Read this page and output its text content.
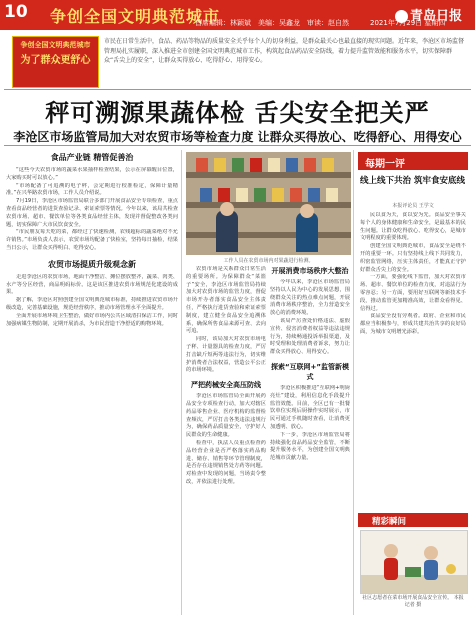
10 争创全国文明典范城市	青岛日报
首席编辑：林颖斌　美编：吴鑫龙　审读：赵自然　　　2021年7月29日 星期四
争创全国文明典范城市
为了群众更舒心
市民在日常生活中，食品、药品等物品的质量安全关乎每个人的切身利益，是群众最关心也最直接的现实问题。近年来，李沧区市场监督管理局扎实履职，深入推进全市创建全国文明典范城市工作，构筑起食品药品安全防线，着力提升监管效能和服务水平，切实保障群众“舌尖上的安全”，让群众买得放心、吃得舒心、用得安心。
秤可溯源果蔬体检 舌尖安全把关严
李沧区市场监管局加大对农贸市场等检查力度 让群众买得放心、吃得舒心、用得安心
食品产业链 精管促善治
“这些今天农贸市场的蔬菜水果抽样检查结果，公示在屏幕醒目位置，大家购买时可以放心。”
“市场配备了可追溯的电子秤，会定期进行校准检定，保障计量精准。”在兴华路农贸市场，工作人员介绍说。
7月19日，李沧区市场监管局联合多部门开展食品安全专项检查，重点查看食品经营者的进货查验记录、索证索票等情况。今年以来，该局共检查农贸市场、超市、餐饮单位等各类食品经营主体，发现并督促整改各类问题，切实保障广大市民饮食安全。
“市民朋友每天吃的菜，都经过了快速检测，农残超标的蔬菜绝对不允许销售。”市场负责人表示，农贸市场均配备了快检室，坚持每日抽检，结果当日公示，让群众买得明白、吃得安心。
农贸市场提质升级观念新
走进李沧区的农贸市场，地面干净整洁、摊位摆放整齐，蔬菜、肉类、水产等分区经营，商品明码标价。这是该区推进农贸市场规范化建设的成果。
据了解，李沧区对照创建全国文明典范城市标准，持续推进农贸市场升级改造，完善基础设施，规范经营秩序，推动市场管理水平全面提升。
全面开展市场环境卫生整治，做好市场内公共区域清扫保洁工作，同时加强病媒生物防制，定期开展消杀，为市民营造干净舒适的购物环境。
工作人员在农贸市场内对果蔬进行检测。
农贸市场是关系群众日常生活的重要场所。为保障群众“菜篮子”安全，李沧区市场监管局持续加大对农贸市场的监管力度，督促市场开办者落实食品安全主体责任，严格执行进货查验和索证索票制度，建立健全食品安全追溯体系，确保所售食品来源可查、去向可追。
同时，该局加大对农贸市场电子秤、计量器具的检查力度，严厉打击缺斤短两等违法行为，切实维护消费者合法权益，营造公平公正的市场环境。
严把药械安全高压防线
李沧区市场监管局全面开展药品安全专项检查行动，加大对辖区药品零售企业、医疗机构的监督检查频次，严厉打击各类违法违规行为，确保药品质量安全，守护好人民群众的生命健康。
检查中，执法人员重点检查药品经营企业是否严格落实药品购进、储存、销售等环节管理制度，是否存在违规销售处方药等问题。对检查中发现的问题，当场责令整改，并依法进行处理。
开展消费市场秩序大整治
今年以来，李沧区市场监管局坚持以人民为中心的发展思想，围绕群众关注的热点难点问题，开展消费市场秩序整治，全力营造安全放心的消费环境。
该局严厉查处价格违法、虚假宣传、侵害消费者权益等违法违规行为，持续畅通投诉举报渠道，及时受理和处理消费者诉求，努力让群众买得放心、用得安心。
探索“互联网+”监管新模式
李沧区积极推进“互联网+明厨亮灶”建设，利用信息化手段提升监管效能。目前，全区已有一批餐饮单位实现后厨操作实时展示，市民可通过手机随时查看，让消费更加透明、放心。
下一步，李沧区市场监管局将持续强化食品药品安全监管，不断提升服务水平，为创建全国文明典范城市贡献力量。
每期一评
线上线下共治 筑牢食安底线
本报评论员 王学文
民以食为天，食以安为先。食品安全事关每个人的身体健康和生命安全，是最基本的民生问题。让群众吃得放心、吃得安心，是城市文明程度的重要体现。
创建全国文明典范城市，食品安全是绕不开的重要一环。只有坚持线上线下共同发力，织密监管网络，压实主体责任，才能真正守护好群众舌尖上的安全。
一方面，要强化线下监管，加大对农贸市场、超市、餐饮单位的检查力度，对违法行为零容忍；另一方面，要用好互联网等新技术手段，推动监管更加精准高效，让群众看得见、信得过。
食品安全没有旁观者。政府、企业和市民都应当积极参与，形成共建共治共享的良好局面，为城市文明增光添彩。
精彩瞬间
社区志愿者在菜市场开展食品安全宣传。 本报记者 摄
